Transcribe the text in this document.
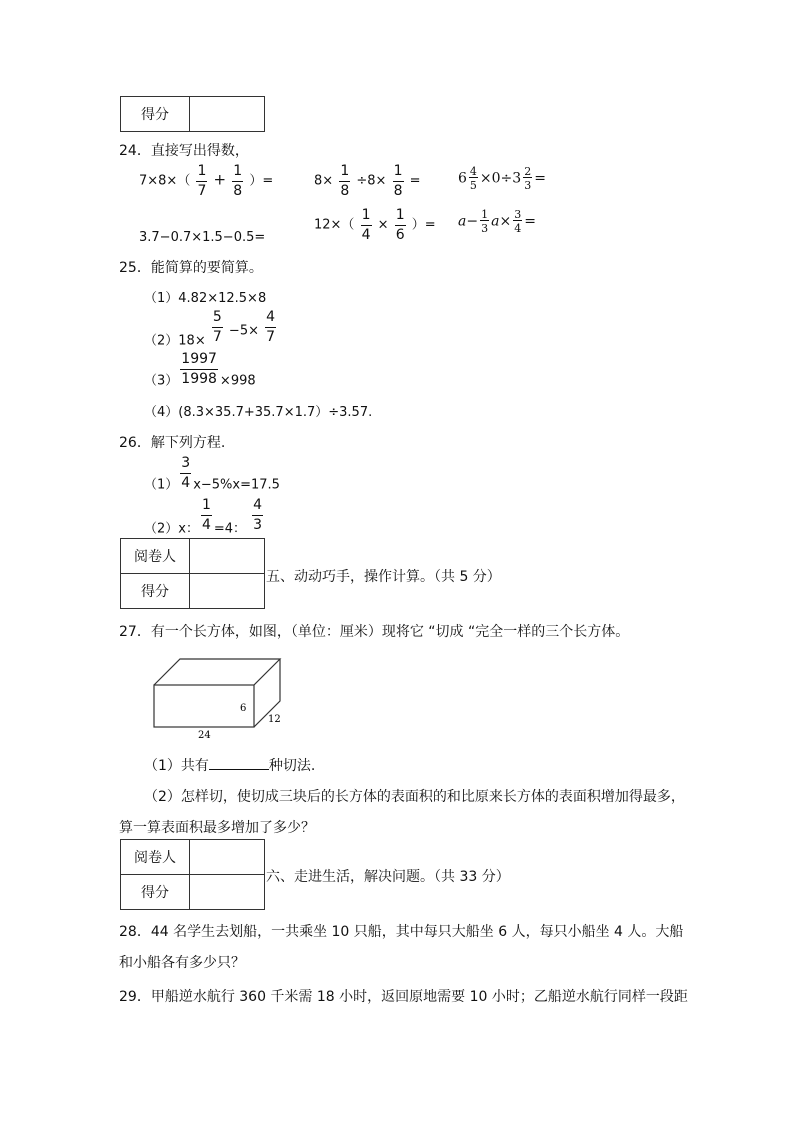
得分	
24．直接写出得数，
$7\times 8\times( \frac{1}{7} + \frac{1}{8}$ ）=	$8\times \frac{1}{8} \div 8\times \frac{1}{8}$ =	$6 \frac{4}{5} \times 0\div 3 \frac{2}{3}$ =
3.7−0.7×1.5−0.5=
$12\times( \frac{1}{4} \times \frac{1}{6}$ ）= $a- \frac{1}{3} a\times \frac{3}{4}$ =
25．能简算的要简算。
（1）4.82×12.5×8
$(2)18\times \frac{5}{7} -5\times \frac{4}{7}$
$(3) \frac{1997}{1998} \times 998$
（4）(8.3×35.7+35.7×1.7）÷3.57.
26．解下列方程.
$(1) \frac{3}{4} x-5\%x=17.5$
（2）x： $\frac{1}{4} =4$： $\frac{4}{3}$
阅卷人	
得分	
五、动动巧手，操作计算。（共 5 分）
27．有一个长方体，如图，（单位：厘米）现将它 “切成 “完全一样的三个长方体。
24
6
12
（1）共有	种切法.
（2）怎样切，使切成三块后的长方体的表面积的和比原来长方体的表面积增加得最多，
算一算表面积最多增加了多少？
阅卷人	
得分	
六、走进生活，解决问题。（共 33 分）
28．44 名学生去划船，一共乘坐 10 只船，其中每只大船坐 6 人，每只小船坐 4 人。大船
和小船各有多少只？
29．甲船逆水航行 360 千米需 18 小时，返回原地需要 10 小时；乙船逆水航行同样一段距
